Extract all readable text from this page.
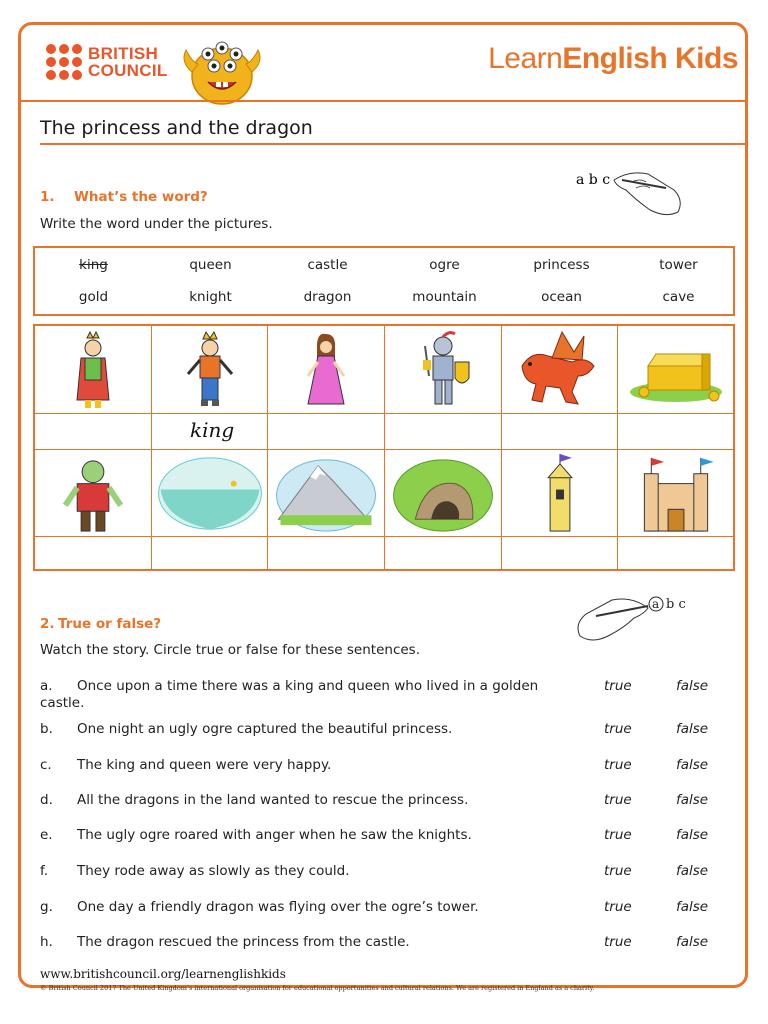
BRITISH
COUNCIL	LearnEnglish Kids
The princess and the dragon
1. What’s the word?
Write the word under the pictures.
a b c
king	queen	castle	ogre	princess	tower
gold	knight	dragon	mountain	ocean	cave
king
2. True or false?
Watch the story. Circle true or false for these sentences.
a b c
a. Once upon a time there was a king and queen who lived in a golden	true	false
castle.
b. One night an ugly ogre captured the beautiful princess.	true	false
c. The king and queen were very happy.	true	false
d. All the dragons in the land wanted to rescue the princess.	true	false
e. The ugly ogre roared with anger when he saw the knights.	true	false
f. They rode away as slowly as they could.	true	false
g. One day a friendly dragon was flying over the ogre’s tower.	true	false
h. The dragon rescued the princess from the castle.	true	false
www.britishcouncil.org/learnenglishkids
© British Council 2017 The United Kingdom’s international organisation for educational opportunities and cultural relations. We are registered in England as a charity.
